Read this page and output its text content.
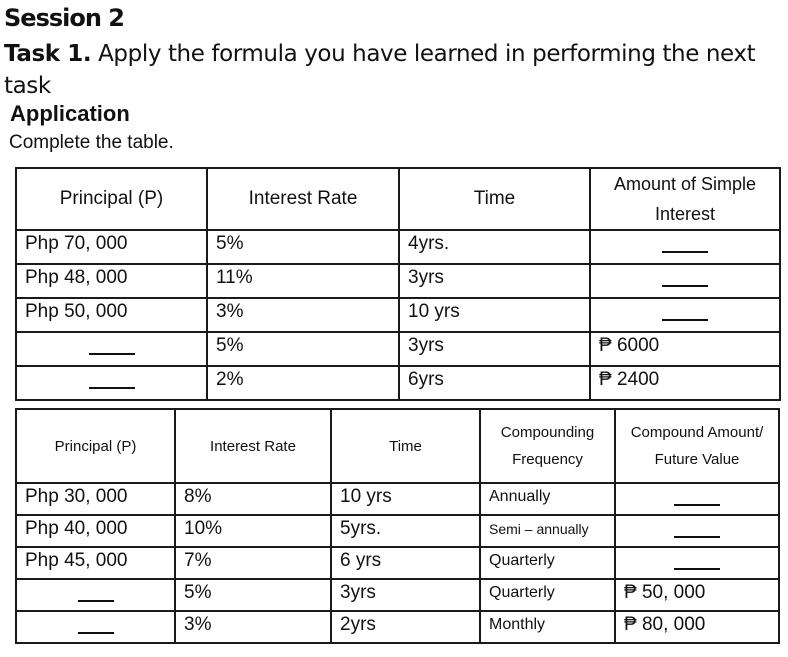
Session 2
Task 1. Apply the formula you have learned in performing the next task
Application
Complete the table.
Principal (P)	Interest Rate	Time	Amount of Simple Interest
Php 70, 000	5%	4yrs.	
Php 48, 000	11%	3yrs	
Php 50, 000	3%	10 yrs	
	5%	3yrs	₱ 6000
	2%	6yrs	₱ 2400
Principal (P)	Interest Rate	Time	Compounding Frequency	Compound Amount/ Future Value
Php 30, 000	8%	10 yrs	Annually	
Php 40, 000	10%	5yrs.	Semi – annually	
Php 45, 000	7%	6 yrs	Quarterly	
	5%	3yrs	Quarterly	₱ 50, 000
	3%	2yrs	Monthly	₱ 80, 000
